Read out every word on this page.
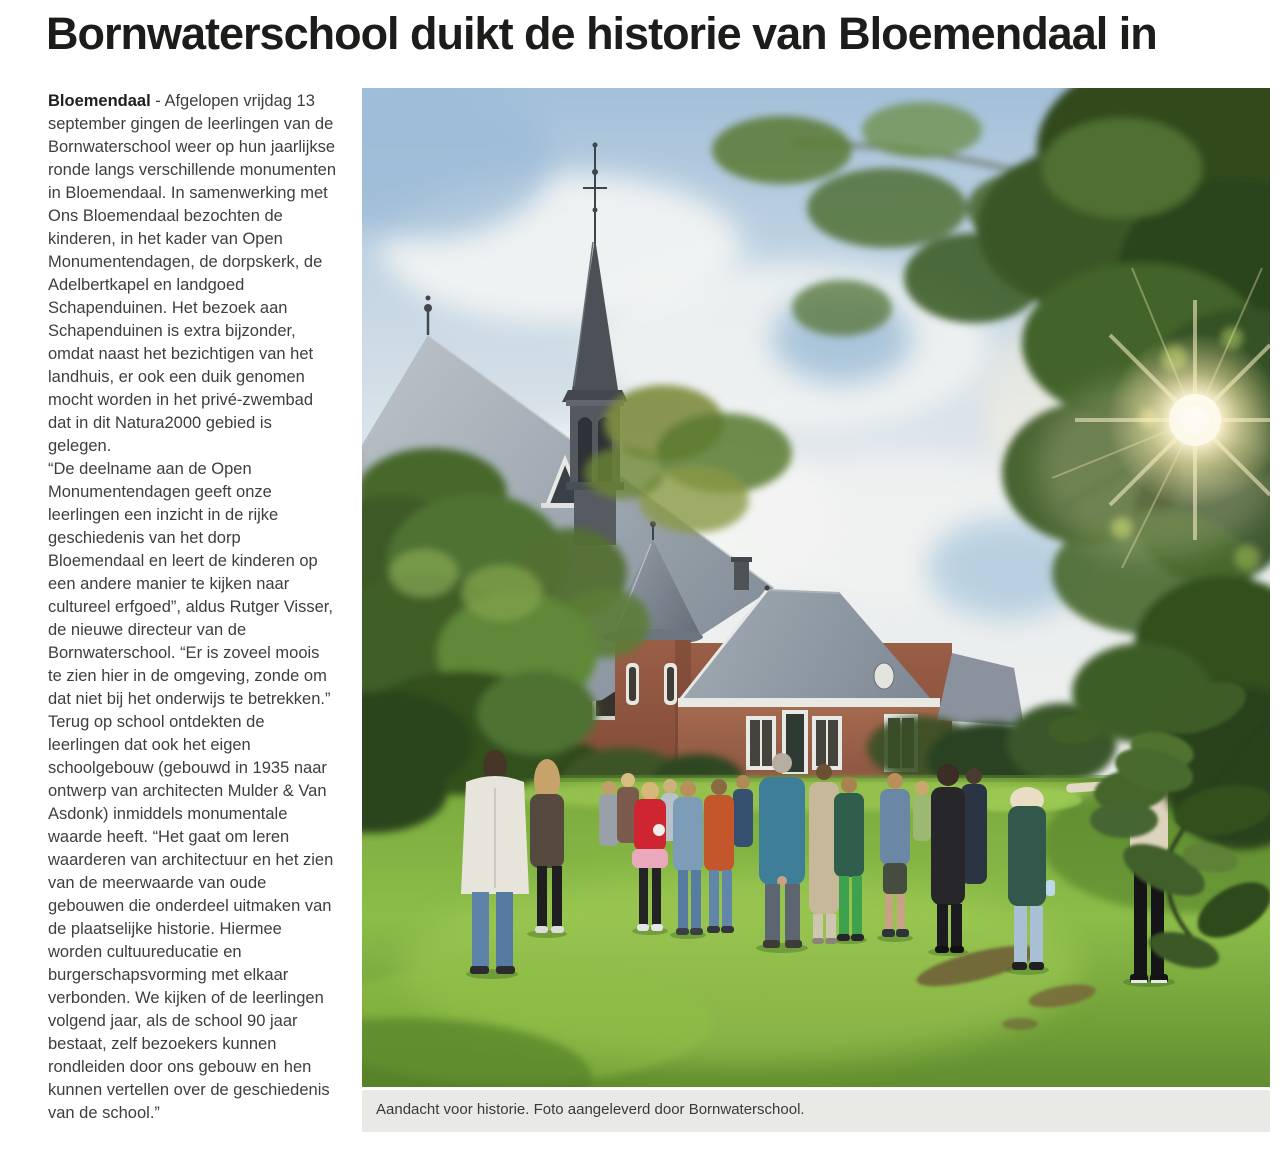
Bornwaterschool duikt de historie van Bloemendaal in

Bloemendaal - Afgelopen vrijdag 13 september gingen de leerlingen van de Bornwaterschool weer op hun jaarlijkse ronde langs verschillende monumenten in Bloemendaal. In samenwerking met Ons Bloemendaal bezochten de kinderen, in het kader van Open Monumentendagen, de dorpskerk, de Adelbertkapel en landgoed Schapenduinen. Het bezoek aan Schapenduinen is extra bijzonder, omdat naast het bezichtigen van het landhuis, er ook een duik genomen mocht worden in het privé-zwembad dat in dit Natura2000 gebied is gelegen.

“De deelname aan de Open Monumentendagen geeft onze leerlingen een inzicht in de rijke geschiedenis van het dorp Bloemendaal en leert de kinderen op een andere manier te kijken naar cultureel erfgoed”, aldus Rutger Visser, de nieuwe directeur van de Bornwaterschool. “Er is zoveel moois te zien hier in de omgeving, zonde om dat niet bij het onderwijs te betrekken.”

Terug op school ontdekten de leerlingen dat ook het eigen schoolgebouw (gebouwd in 1935 naar ontwerp van architecten Mulder & Van Asdonk) inmiddels monumentale waarde heeft. “Het gaat om leren waarderen van architectuur en het zien van de meerwaarde van oude gebouwen die onderdeel uitmaken van de plaatselijke historie. Hiermee worden cultuureducatie en burgerschapsvorming met elkaar verbonden. We kijken of de leerlingen volgend jaar, als de school 90 jaar bestaat, zelf bezoekers kunnen rondleiden door ons gebouw en hen kunnen vertellen over de geschiedenis van de school.”	Aandacht voor historie. Foto aangeleverd door Bornwaterschool.
